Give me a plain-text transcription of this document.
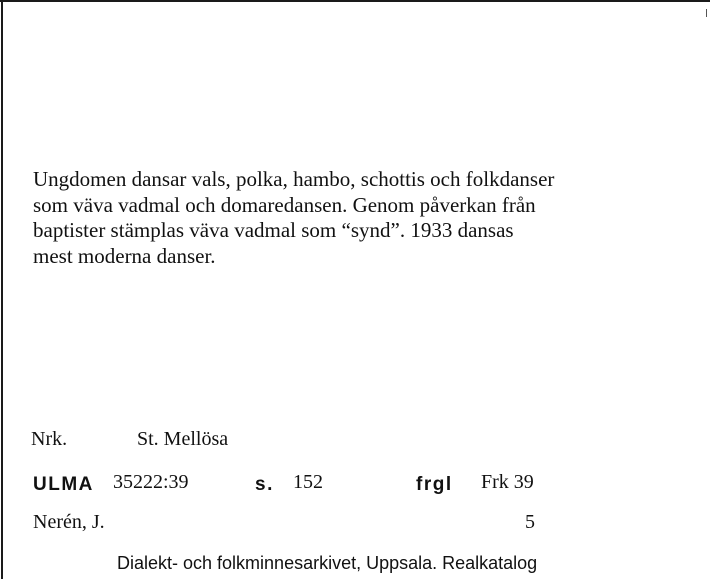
Ungdomen dansar vals, polka, hambo, schottis och folkdanser
som väva vadmal och domaredansen. Genom påverkan från
baptister stämplas väva vadmal som “synd”. 1933 dansas
mest moderna danser.

Nrk.	St. Mellösa
ULMA 35222:39	s. 152	frgl Frk 39
Nerén, J.	5
Dialekt- och folkminnesarkivet, Uppsala. Realkatalog
